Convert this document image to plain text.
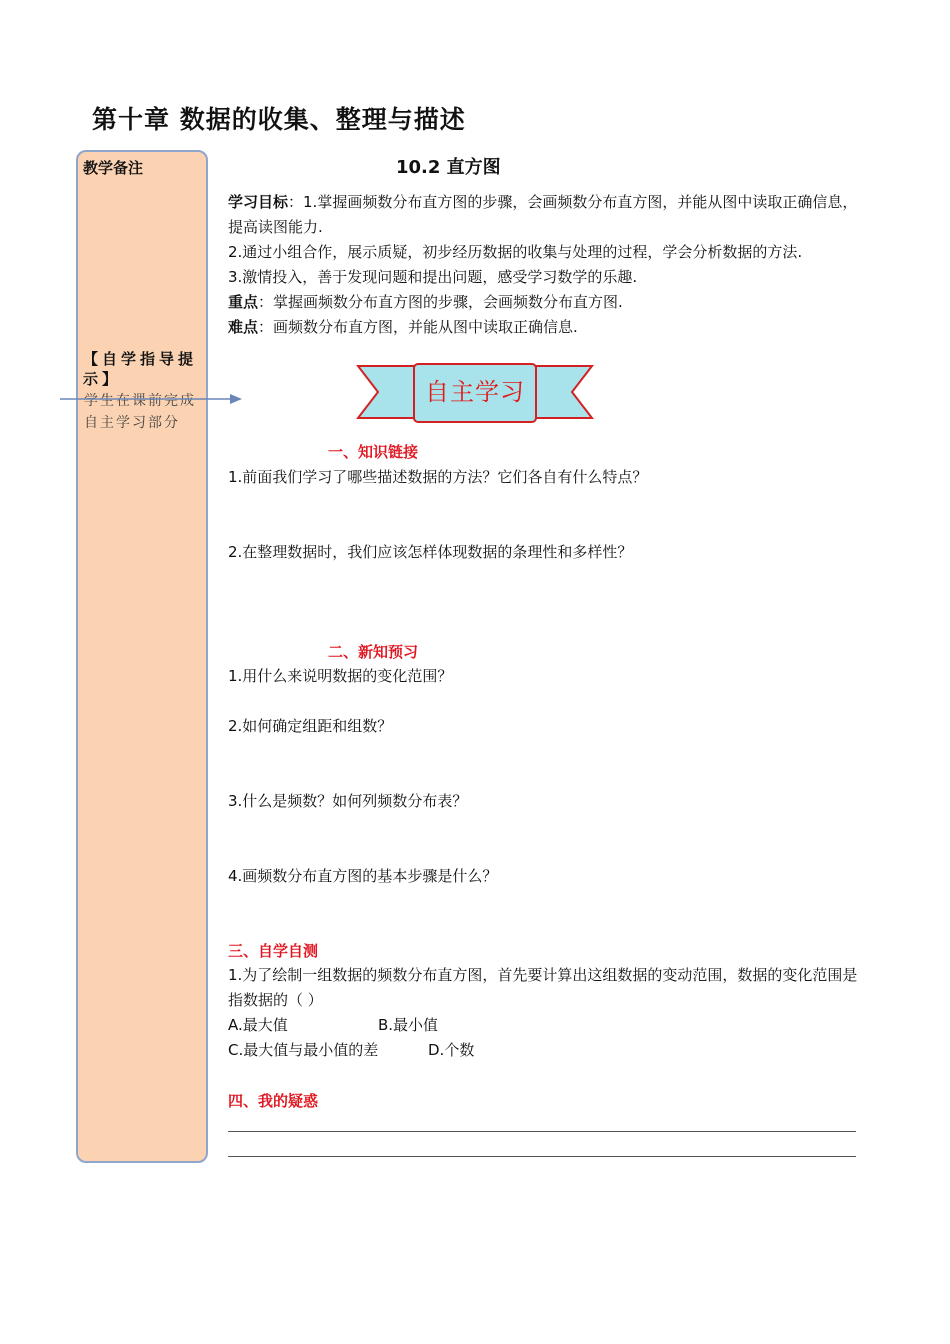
第十章 数据的收集、整理与描述
教学备注
【自学指导提示】
学生在课前完成自主学习部分
10.2 直方图
学习目标：1.掌握画频数分布直方图的步骤，会画频数分布直方图，并能从图中读取正确信息，提高读图能力.
2.通过小组合作，展示质疑，初步经历数据的收集与处理的过程，学会分析数据的方法.
3.激情投入，善于发现问题和提出问题，感受学习数学的乐趣.
重点：掌握画频数分布直方图的步骤，会画频数分布直方图.
难点：画频数分布直方图，并能从图中读取正确信息.
自主学习
一、知识链接
1.前面我们学习了哪些描述数据的方法？它们各自有什么特点？
2.在整理数据时，我们应该怎样体现数据的条理性和多样性？
二、新知预习
1.用什么来说明数据的变化范围？
2.如何确定组距和组数？
3.什么是频数？如何列频数分布表？
4.画频数分布直方图的基本步骤是什么？
三、自学自测
1.为了绘制一组数据的频数分布直方图，首先要计算出这组数据的变动范围，数据的变化范围是指数据的（ ）
A.最大值	B.最小值
C.最大值与最小值的差	D.个数
四、我的疑惑
